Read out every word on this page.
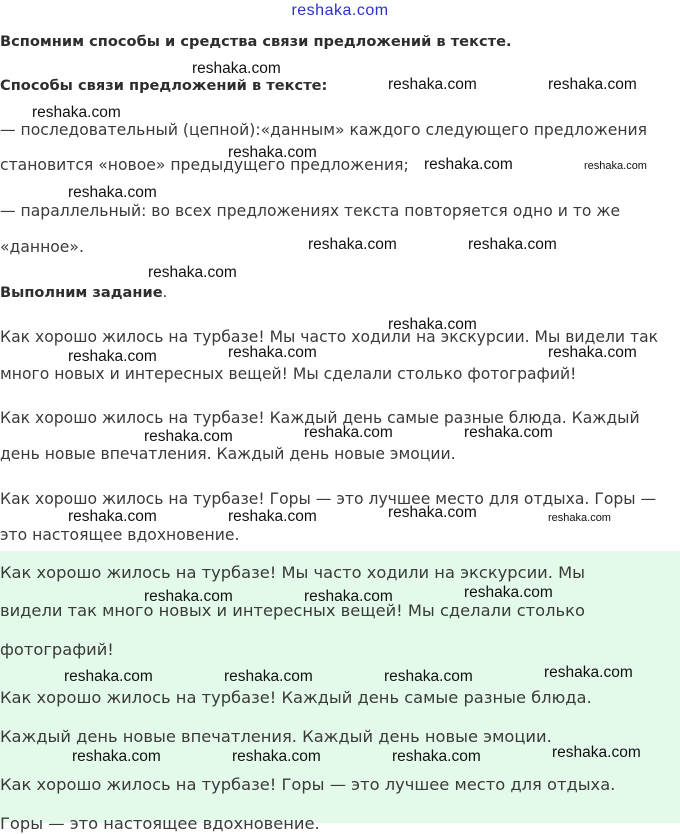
reshaka.com
Вспомним способы и средства связи предложений в тексте.
Способы связи предложений в тексте:
— последовательный (цепной):«данным» каждого следующего предложения
становится «новое» предыдущего предложения;
— параллельный: во всех предложениях текста повторяется одно и то же
«данное».
Выполним задание.
Как хорошо жилось на турбазе! Мы часто ходили на экскурсии. Мы видели так
много новых и интересных вещей! Мы сделали столько фотографий!
Как хорошо жилось на турбазе! Каждый день самые разные блюда. Каждый
день новые впечатления. Каждый день новые эмоции.
Как хорошо жилось на турбазе! Горы — это лучшее место для отдыха. Горы —
это настоящее вдохновение.
Как хорошо жилось на турбазе! Мы часто ходили на экскурсии. Мы
видели так много новых и интересных вещей! Мы сделали столько
фотографий!
Как хорошо жилось на турбазе! Каждый день самые разные блюда.
Каждый день новые впечатления. Каждый день новые эмоции.
Как хорошо жилось на турбазе! Горы — это лучшее место для отдыха.
Горы — это настоящее вдохновение.
reshaka.com
reshaka.com	reshaka.com
reshaka.com
reshaka.com
reshaka.com	reshaka.com
reshaka.com
reshaka.com	reshaka.com
reshaka.com
reshaka.com
reshaka.com	reshaka.com	reshaka.com
reshaka.com	reshaka.com	reshaka.com
reshaka.com	reshaka.com	reshaka.com	reshaka.com
reshaka.com	reshaka.com	reshaka.com
reshaka.com	reshaka.com	reshaka.com	reshaka.com
reshaka.com	reshaka.com	reshaka.com	reshaka.com
